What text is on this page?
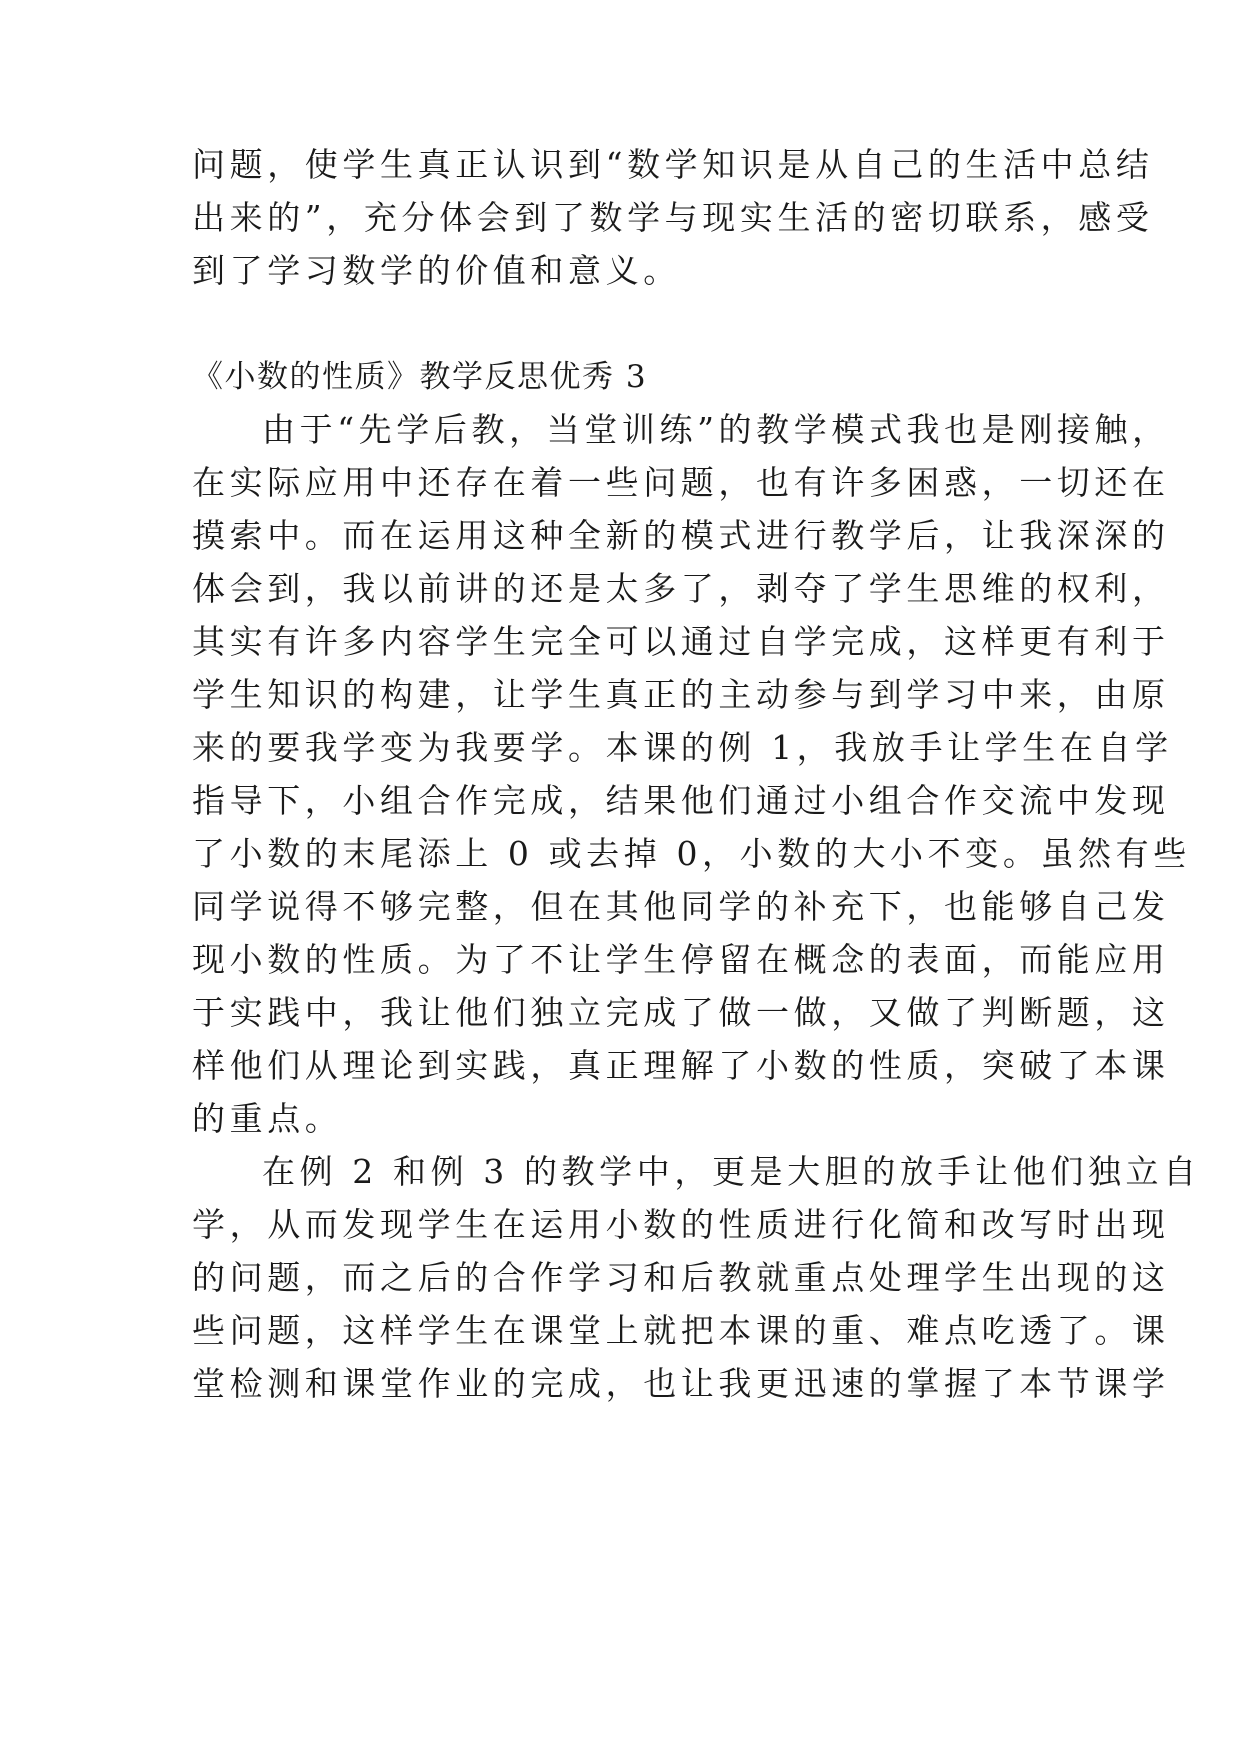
问题，使学生真正认识到“数学知识是从自己的生活中总结

出来的”，充分体会到了数学与现实生活的密切联系，感受

到了学习数学的价值和意义。

《小数的性质》教学反思优秀 3

由于“先学后教，当堂训练”的教学模式我也是刚接触，

在实际应用中还存在着一些问题，也有许多困惑，一切还在

摸索中。而在运用这种全新的模式进行教学后，让我深深的

体会到，我以前讲的还是太多了，剥夺了学生思维的权利，

其实有许多内容学生完全可以通过自学完成，这样更有利于

学生知识的构建，让学生真正的主动参与到学习中来，由原

来的要我学变为我要学。本课的例 1，我放手让学生在自学

指导下，小组合作完成，结果他们通过小组合作交流中发现

了小数的末尾添上 0 或去掉 0，小数的大小不变。虽然有些

同学说得不够完整，但在其他同学的补充下，也能够自己发

现小数的性质。为了不让学生停留在概念的表面，而能应用

于实践中，我让他们独立完成了做一做，又做了判断题，这

样他们从理论到实践，真正理解了小数的性质，突破了本课

的重点。

在例 2 和例 3 的教学中，更是大胆的放手让他们独立自

学，从而发现学生在运用小数的性质进行化简和改写时出现

的问题，而之后的合作学习和后教就重点处理学生出现的这

些问题，这样学生在课堂上就把本课的重、难点吃透了。课

堂检测和课堂作业的完成，也让我更迅速的掌握了本节课学
